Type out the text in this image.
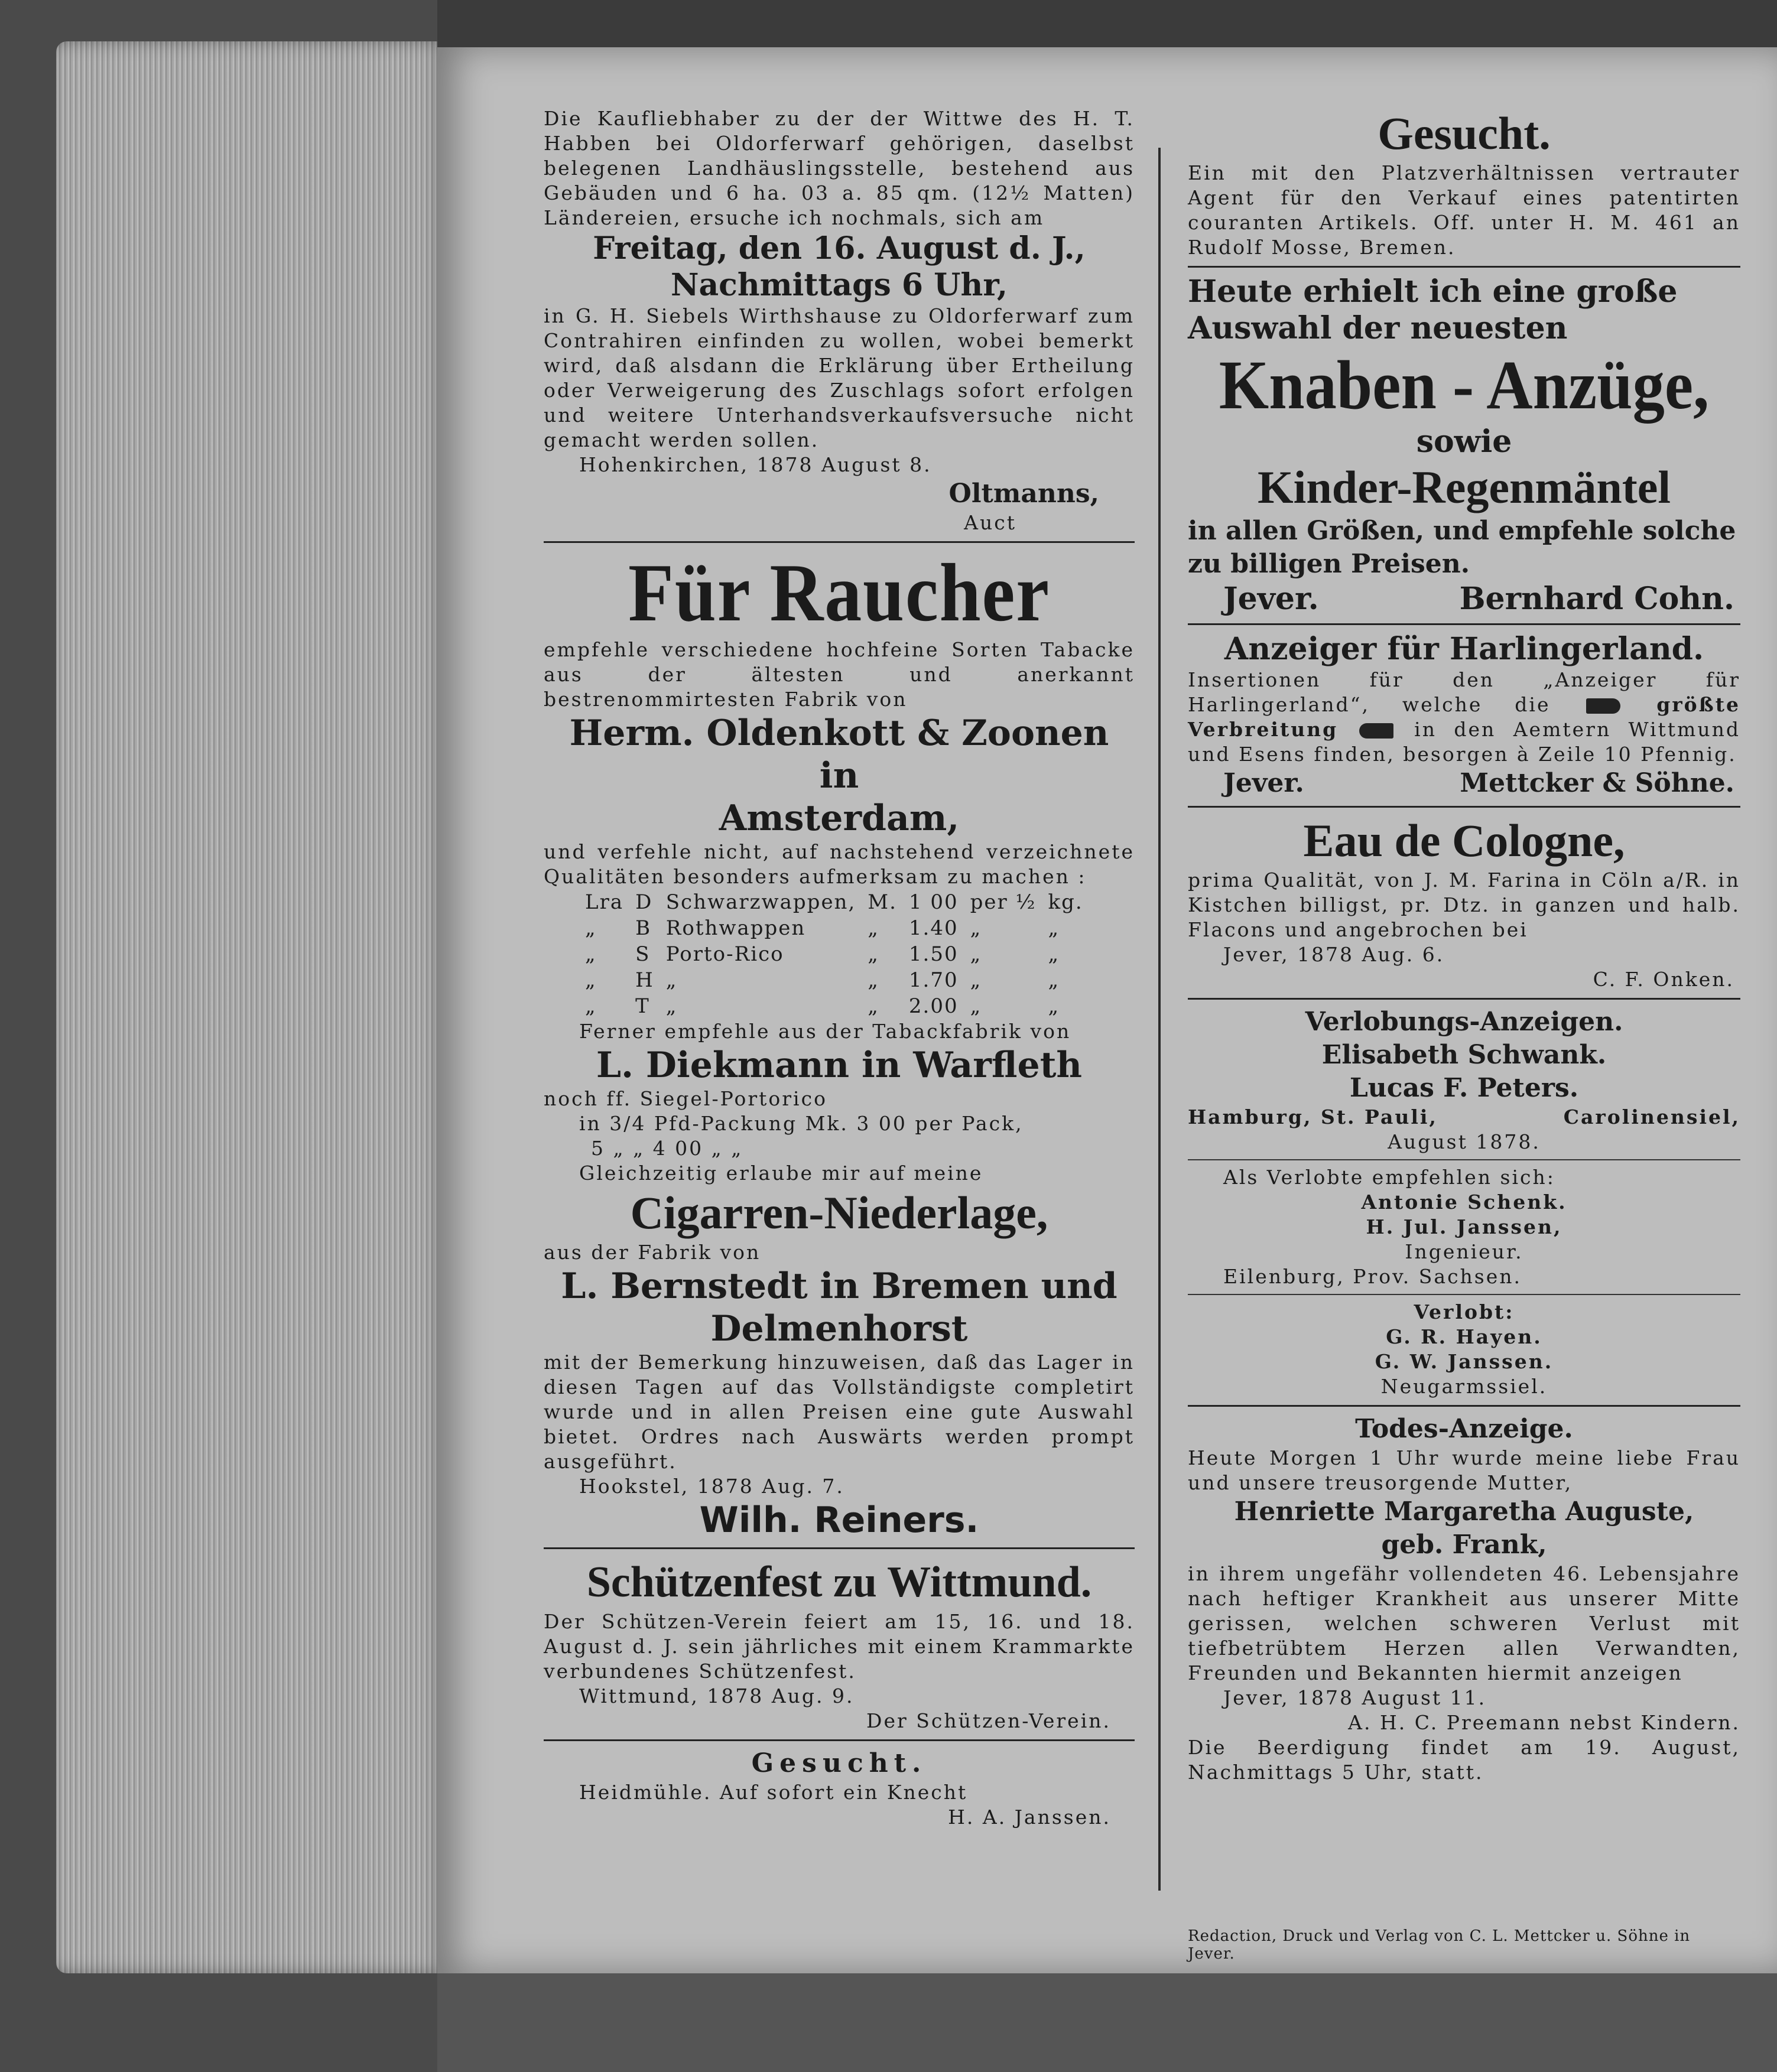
Die Kaufliebhaber zu der der Wittwe des H. T. Habben bei Oldorferwarf gehörigen, daselbst belegenen Landhäuslingsstelle, bestehend aus Gebäuden und 6 ha. 03 a. 85 qm. (12½ Matten) Ländereien, ersuche ich nochmals, sich am

Freitag, den 16. August d. J.,

Nachmittags 6 Uhr,

in G. H. Siebels Wirthshause zu Oldorferwarf zum Contrahiren einfinden zu wollen, wobei bemerkt wird, daß alsdann die Erklärung über Ertheilung oder Verweigerung des Zuschlags sofort erfolgen und weitere Unterhandsverkaufsversuche nicht gemacht werden sollen.

Hohenkirchen, 1878 August 8.

Oltmanns,

Auct

Für Raucher

empfehle verschiedene hochfeine Sorten Tabacke aus der ältesten und anerkannt bestrenommirtesten Fabrik von

Herm. Oldenkott & Zoonen in

Amsterdam,

und verfehle nicht, auf nachstehend verzeichnete Qualitäten besonders aufmerksam zu machen :

Lra	D	Schwarzwappen,	M.	1 00	per ½	kg.
„	B	Rothwappen	„	1.40	„	„
„	S	Porto-Rico	„	1.50	„	„
„	H	„	„	1.70	„	„
„	T	„	„	2.00	„	„

Ferner empfehle aus der Tabackfabrik von

L. Diekmann in Warfleth

noch ff. Siegel-Portorico

in 3/4 Pfd-Packung Mk. 3 00 per Pack,

5 „ „ 4 00 „ „

Gleichzeitig erlaube mir auf meine

Cigarren-Niederlage,

aus der Fabrik von

L. Bernstedt in Bremen und

Delmenhorst

mit der Bemerkung hinzuweisen, daß das Lager in diesen Tagen auf das Vollständigste completirt wurde und in allen Preisen eine gute Auswahl bietet. Ordres nach Auswärts werden prompt ausgeführt.

Hookstel, 1878 Aug. 7.

Wilh. Reiners.

Schützenfest zu Wittmund.

Der Schützen-Verein feiert am 15, 16. und 18. August d. J. sein jährliches mit einem Krammarkte verbundenes Schützenfest.

Wittmund, 1878 Aug. 9.

Der Schützen-Verein.

Gesucht.

Heidmühle. Auf sofort ein Knecht

H. A. Janssen.

Gesucht.

Ein mit den Platzverhältnissen vertrauter Agent für den Verkauf eines patentirten couranten Artikels. Off. unter H. M. 461 an Rudolf Mosse, Bremen.

Heute erhielt ich eine große Auswahl der neuesten

Knaben - Anzüge,

sowie

Kinder-Regenmäntel

in allen Größen, und empfehle solche zu billigen Preisen.

Jever.	Bernhard Cohn.

Anzeiger für Harlingerland.

Insertionen für den „Anzeiger für Harlingerland“, welche die	größte Verbreitung	in den Aemtern Wittmund und Esens finden, besorgen à Zeile 10 Pfennig.

Jever.	Mettcker & Söhne.

Eau de Cologne,

prima Qualität, von J. M. Farina in Cöln a/R. in Kistchen billigst, pr. Dtz. in ganzen und halb. Flacons und angebrochen bei

Jever, 1878 Aug. 6.

C. F. Onken.

Verlobungs-Anzeigen.

Elisabeth Schwank.

Lucas F. Peters.

Hamburg, St. Pauli,	Carolinensiel,

August 1878.

Als Verlobte empfehlen sich:

Antonie Schenk.

H. Jul. Janssen,

Ingenieur.

Eilenburg, Prov. Sachsen.

Verlobt:

G. R. Hayen.

G. W. Janssen.

Neugarmssiel.

Todes-Anzeige.

Heute Morgen 1 Uhr wurde meine liebe Frau und unsere treusorgende Mutter,

Henriette Margaretha Auguste,

geb. Frank,

in ihrem ungefähr vollendeten 46. Lebensjahre nach heftiger Krankheit aus unserer Mitte gerissen, welchen schweren Verlust mit tiefbetrübtem Herzen allen Verwandten, Freunden und Bekannten hiermit anzeigen

Jever, 1878 August 11.

A. H. C. Preemann nebst Kindern.

Die Beerdigung findet am 19. August, Nachmittags 5 Uhr, statt.

Redaction, Druck und Verlag von C. L. Mettcker u. Söhne in Jever.
